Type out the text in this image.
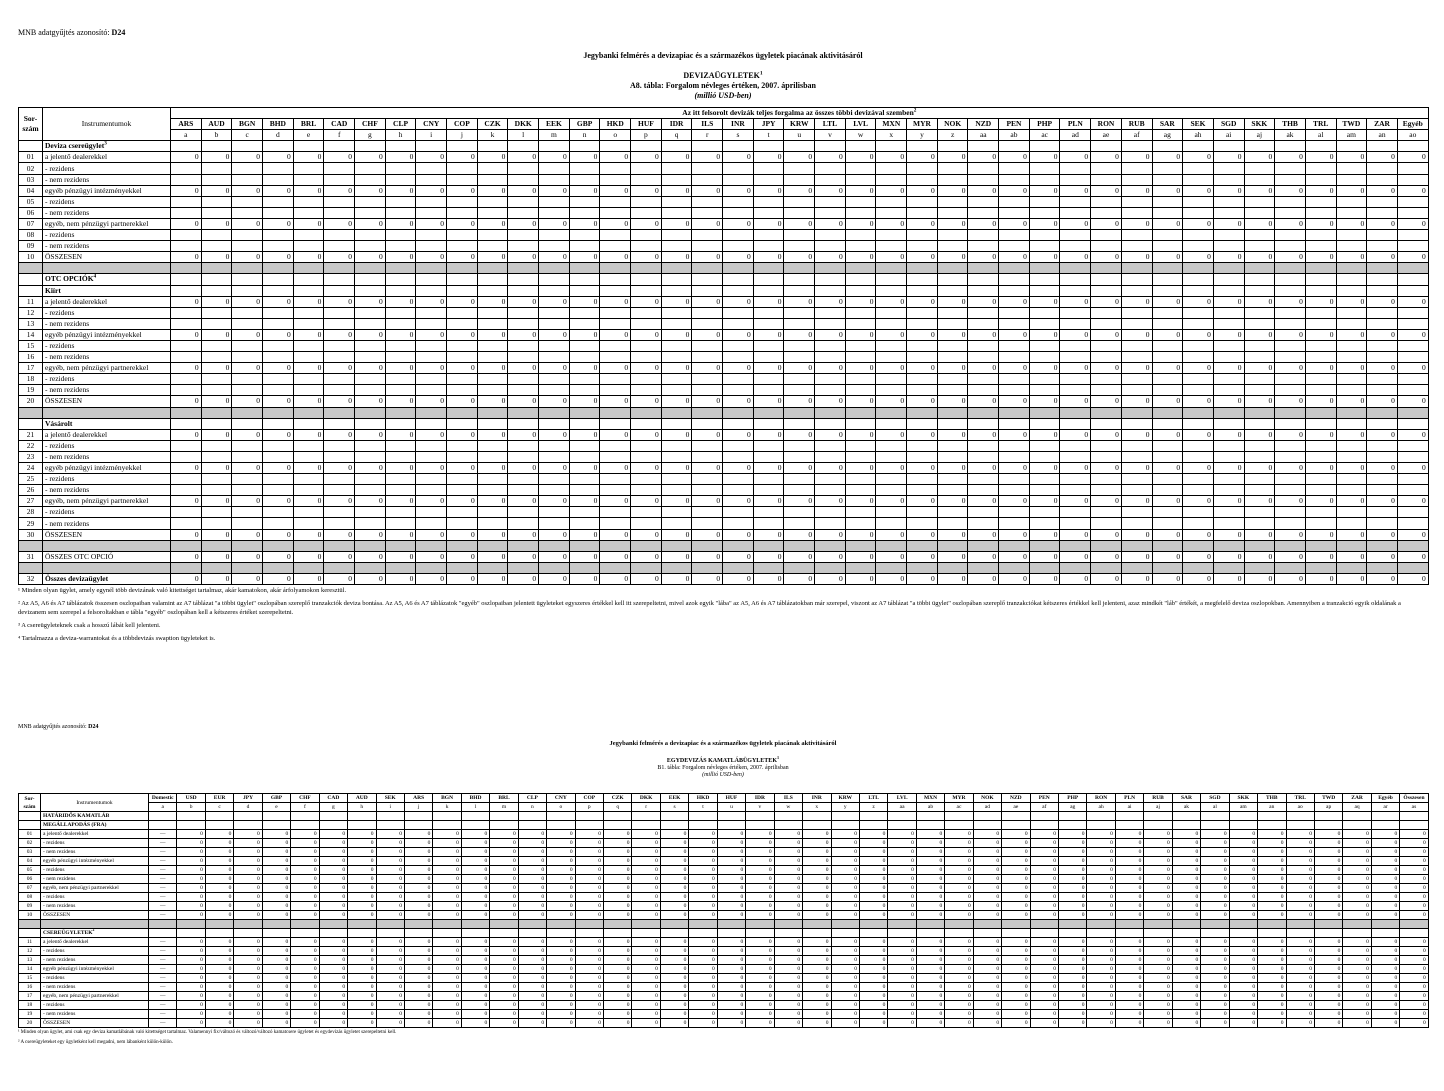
MNB adatgyűjtés azonosító: D24
Jegybanki felmérés a devizapiac és a származékos ügyletek piacának aktivitásáról
DEVIZAÜGYLETEK$^1$
A8. tábla: Forgalom névleges értéken, 2007. áprilisban
(millió USD-ben)
Sor-szám	Instrumentumok	Az itt felsorolt devizák teljes forgalma az összes többi devizával szemben$^2$
		ARS	AUD	BGN	BHD	BRL	CAD	CHF	CLP	CNY	COP	CZK	DKK	EEK	GBP	HKD	HUF	IDR	ILS	INR	JPY	KRW	LTL	LVL	MXN	MYR	NOK	NZD	PEN	PHP	PLN	RON	RUB	SAR	SEK	SGD	SKK	THB	TRL	TWD	ZAR	Egyéb
		a	b	c	d	e	f	g	h	i	j	k	l	m	n	o	p	q	r	s	t	u	v	w	x	y	z	aa	ab	ac	ad	ae	af	ag	ah	ai	aj	ak	al	am	an	ao
	Deviza csereügylet$^3$																																									
01	a jelentő dealerekkel	0	0	0	0	0	0	0	0	0	0	0	0	0	0	0	0	0	0	0	0	0	0	0	0	0	0	0	0	0	0	0	0	0	0	0	0	0	0	0	0	0
02	- rezidens																																									
03	- nem rezidens																																									
04	egyéb pénzügyi intézményekkel	0	0	0	0	0	0	0	0	0	0	0	0	0	0	0	0	0	0	0	0	0	0	0	0	0	0	0	0	0	0	0	0	0	0	0	0	0	0	0	0	0
05	- rezidens																																									
06	- nem rezidens																																									
07	egyéb, nem pénzügyi partnerekkel	0	0	0	0	0	0	0	0	0	0	0	0	0	0	0	0	0	0	0	0	0	0	0	0	0	0	0	0	0	0	0	0	0	0	0	0	0	0	0	0	0
08	- rezidens																																									
09	- nem rezidens																																									
10	ÖSSZESEN	0	0	0	0	0	0	0	0	0	0	0	0	0	0	0	0	0	0	0	0	0	0	0	0	0	0	0	0	0	0	0	0	0	0	0	0	0	0	0	0	0

	OTC OPCIÓK$^4$																																									
	Kiírt																																									
11	a jelentő dealerekkel	0	0	0	0	0	0	0	0	0	0	0	0	0	0	0	0	0	0	0	0	0	0	0	0	0	0	0	0	0	0	0	0	0	0	0	0	0	0	0	0	0
12	- rezidens																																									
13	- nem rezidens																																									
14	egyéb pénzügyi intézményekkel	0	0	0	0	0	0	0	0	0	0	0	0	0	0	0	0	0	0	0	0	0	0	0	0	0	0	0	0	0	0	0	0	0	0	0	0	0	0	0	0	0
15	- rezidens																																									
16	- nem rezidens																																									
17	egyéb, nem pénzügyi partnerekkel	0	0	0	0	0	0	0	0	0	0	0	0	0	0	0	0	0	0	0	0	0	0	0	0	0	0	0	0	0	0	0	0	0	0	0	0	0	0	0	0	0
18	- rezidens																																									
19	- nem rezidens																																									
20	ÖSSZESEN	0	0	0	0	0	0	0	0	0	0	0	0	0	0	0	0	0	0	0	0	0	0	0	0	0	0	0	0	0	0	0	0	0	0	0	0	0	0	0	0	0

	Vásárolt																																									
21	a jelentő dealerekkel	0	0	0	0	0	0	0	0	0	0	0	0	0	0	0	0	0	0	0	0	0	0	0	0	0	0	0	0	0	0	0	0	0	0	0	0	0	0	0	0	0
22	- rezidens																																									
23	- nem rezidens																																									
24	egyéb pénzügyi intézményekkel	0	0	0	0	0	0	0	0	0	0	0	0	0	0	0	0	0	0	0	0	0	0	0	0	0	0	0	0	0	0	0	0	0	0	0	0	0	0	0	0	0
25	- rezidens																																									
26	- nem rezidens																																									
27	egyéb, nem pénzügyi partnerekkel	0	0	0	0	0	0	0	0	0	0	0	0	0	0	0	0	0	0	0	0	0	0	0	0	0	0	0	0	0	0	0	0	0	0	0	0	0	0	0	0	0
28	- rezidens																																									
29	- nem rezidens																																									
30	ÖSSZESEN	0	0	0	0	0	0	0	0	0	0	0	0	0	0	0	0	0	0	0	0	0	0	0	0	0	0	0	0	0	0	0	0	0	0	0	0	0	0	0	0	0

31	ÖSSZES OTC OPCIÓ	0	0	0	0	0	0	0	0	0	0	0	0	0	0	0	0	0	0	0	0	0	0	0	0	0	0	0	0	0	0	0	0	0	0	0	0	0	0	0	0	0

32	Összes devizaügylet	0	0	0	0	0	0	0	0	0	0	0	0	0	0	0	0	0	0	0	0	0	0	0	0	0	0	0	0	0	0	0	0	0	0	0	0	0	0	0	0	0

¹ Minden olyan ügylet, amely egynél több devizának való kitettséget tartalmaz, akár kamatokon, akár árfolyamokon keresztül.

² Az A5, A6 és A7 táblázatok összesen oszlopaiban valamint az A7 táblázat "a többi ügylet" oszlopában szereplő tranzakciók deviza bontása. Az A5, A6 és A7 táblázatok "egyéb" oszlopaiban jelentett ügyleteket egyszeres értékkel kell itt szerepeltetni, mivel azok egyik "lába" az A5, A6 és A7 táblázatokban már szerepel, viszont az A7 táblázat "a többi ügylet" oszlopában szereplő tranzakciókat kétszeres értékkel kell jelenteni, azaz mindkét "láb" értékét, a megfelelő deviza oszlopokban. Amennyiben a tranzakció egyik oldalának a devizanem sem szerepel a felsoroltakban e tábla "egyéb" oszlopában kell a kétszeres értéket szerepeltetni.

³ A csereügyleteknek csak a hosszú lábát kell jelenteni.

⁴ Tartalmazza a deviza-warrantokat és a többdevizás swaption ügyleteket is.

MNB adatgyűjtés azonosító: D24
Jegybanki felmérés a devizapiac és a származékos ügyletek piacának aktivitásáról
EGYDEVIZÁS KAMATLÁBÜGYLETEK$^1$
B1. tábla: Forgalom névleges értéken, 2007. áprilisban
(millió USD-ben)
Sor-szám	Instrumentumok	Domestic	USD	EUR	JPY	GBP	CHF	CAD	AUD	SEK	ARS	BGN	BHD	BRL	CLP	CNY	COP	CZK	DKK	EEK	HKD	HUF	IDR	ILS	INR	KRW	LTL	LVL	MXN	MYR	NOK	NZD	PEN	PHP	RON	PLN	RUB	SAR	SGD	SKK	THB	TRL	TWD	ZAR	Egyéb	Összesen
		a	b	c	d	e	f	g	h	i	j	k	l	m	n	o	p	q	r	s	t	u	v	w	x	y	z	aa	ab	ac	ad	ae	af	ag	ah	ai	aj	ak	al	am	an	ao	ap	aq	ar	as
	HATÁRIDŐS KAMATLÁB																																													
	MEGÁLLAPODÁS (FRA)																																													
01	a jelentő dealerekkel	—	0	0	0	0	0	0	0	0	0	0	0	0	0	0	0	0	0	0	0	0	0	0	0	0	0	0	0	0	0	0	0	0	0	0	0	0	0	0	0	0	0	0	0	0
02	- rezidens	—	0	0	0	0	0	0	0	0	0	0	0	0	0	0	0	0	0	0	0	0	0	0	0	0	0	0	0	0	0	0	0	0	0	0	0	0	0	0	0	0	0	0	0	0
03	- nem rezidens	—	0	0	0	0	0	0	0	0	0	0	0	0	0	0	0	0	0	0	0	0	0	0	0	0	0	0	0	0	0	0	0	0	0	0	0	0	0	0	0	0	0	0	0	0
04	egyéb pénzügyi intézményekkel	—	0	0	0	0	0	0	0	0	0	0	0	0	0	0	0	0	0	0	0	0	0	0	0	0	0	0	0	0	0	0	0	0	0	0	0	0	0	0	0	0	0	0	0	0
05	- rezidens	—	0	0	0	0	0	0	0	0	0	0	0	0	0	0	0	0	0	0	0	0	0	0	0	0	0	0	0	0	0	0	0	0	0	0	0	0	0	0	0	0	0	0	0	0
06	- nem rezidens	—	0	0	0	0	0	0	0	0	0	0	0	0	0	0	0	0	0	0	0	0	0	0	0	0	0	0	0	0	0	0	0	0	0	0	0	0	0	0	0	0	0	0	0	0
07	egyéb, nem pénzügyi partnerekkel	—	0	0	0	0	0	0	0	0	0	0	0	0	0	0	0	0	0	0	0	0	0	0	0	0	0	0	0	0	0	0	0	0	0	0	0	0	0	0	0	0	0	0	0	0
08	- rezidens	—	0	0	0	0	0	0	0	0	0	0	0	0	0	0	0	0	0	0	0	0	0	0	0	0	0	0	0	0	0	0	0	0	0	0	0	0	0	0	0	0	0	0	0	0
09	- nem rezidens	—	0	0	0	0	0	0	0	0	0	0	0	0	0	0	0	0	0	0	0	0	0	0	0	0	0	0	0	0	0	0	0	0	0	0	0	0	0	0	0	0	0	0	0	0
10	ÖSSZESEN	—	0	0	0	0	0	0	0	0	0	0	0	0	0	0	0	0	0	0	0	0	0	0	0	0	0	0	0	0	0	0	0	0	0	0	0	0	0	0	0	0	0	0	0	0

	CSEREÜGYLETEK$^2$																																													
11	a jelentő dealerekkel	—	0	0	0	0	0	0	0	0	0	0	0	0	0	0	0	0	0	0	0	0	0	0	0	0	0	0	0	0	0	0	0	0	0	0	0	0	0	0	0	0	0	0	0	0
12	- rezidens	—	0	0	0	0	0	0	0	0	0	0	0	0	0	0	0	0	0	0	0	0	0	0	0	0	0	0	0	0	0	0	0	0	0	0	0	0	0	0	0	0	0	0	0	0
13	- nem rezidens	—	0	0	0	0	0	0	0	0	0	0	0	0	0	0	0	0	0	0	0	0	0	0	0	0	0	0	0	0	0	0	0	0	0	0	0	0	0	0	0	0	0	0	0	0
14	egyéb pénzügyi intézményekkel	—	0	0	0	0	0	0	0	0	0	0	0	0	0	0	0	0	0	0	0	0	0	0	0	0	0	0	0	0	0	0	0	0	0	0	0	0	0	0	0	0	0	0	0	0
15	- rezidens	—	0	0	0	0	0	0	0	0	0	0	0	0	0	0	0	0	0	0	0	0	0	0	0	0	0	0	0	0	0	0	0	0	0	0	0	0	0	0	0	0	0	0	0	0
16	- nem rezidens	—	0	0	0	0	0	0	0	0	0	0	0	0	0	0	0	0	0	0	0	0	0	0	0	0	0	0	0	0	0	0	0	0	0	0	0	0	0	0	0	0	0	0	0	0
17	egyéb, nem pénzügyi partnerekkel	—	0	0	0	0	0	0	0	0	0	0	0	0	0	0	0	0	0	0	0	0	0	0	0	0	0	0	0	0	0	0	0	0	0	0	0	0	0	0	0	0	0	0	0	0
18	- rezidens	—	0	0	0	0	0	0	0	0	0	0	0	0	0	0	0	0	0	0	0	0	0	0	0	0	0	0	0	0	0	0	0	0	0	0	0	0	0	0	0	0	0	0	0	0
19	- nem rezidens	—	0	0	0	0	0	0	0	0	0	0	0	0	0	0	0	0	0	0	0	0	0	0	0	0	0	0	0	0	0	0	0	0	0	0	0	0	0	0	0	0	0	0	0	0
20	ÖSSZESEN	—	0	0	0	0	0	0	0	0	0	0	0	0	0	0	0	0	0	0	0	0	0	0	0	0	0	0	0	0	0	0	0	0	0	0	0	0	0	0	0	0	0	0	0	0

¹ Minden olyan ügylet, ami csak egy deviza kamatlábának való kitettséget tartalmaz. Valamennyi fix/változó és változó/változó kamatcsere ügyletet és egydevizás ügyletet szerepeltetni kell.

² A csereügyleteket egy ügyletként kell megadni, nem lábanként külön-külön.
